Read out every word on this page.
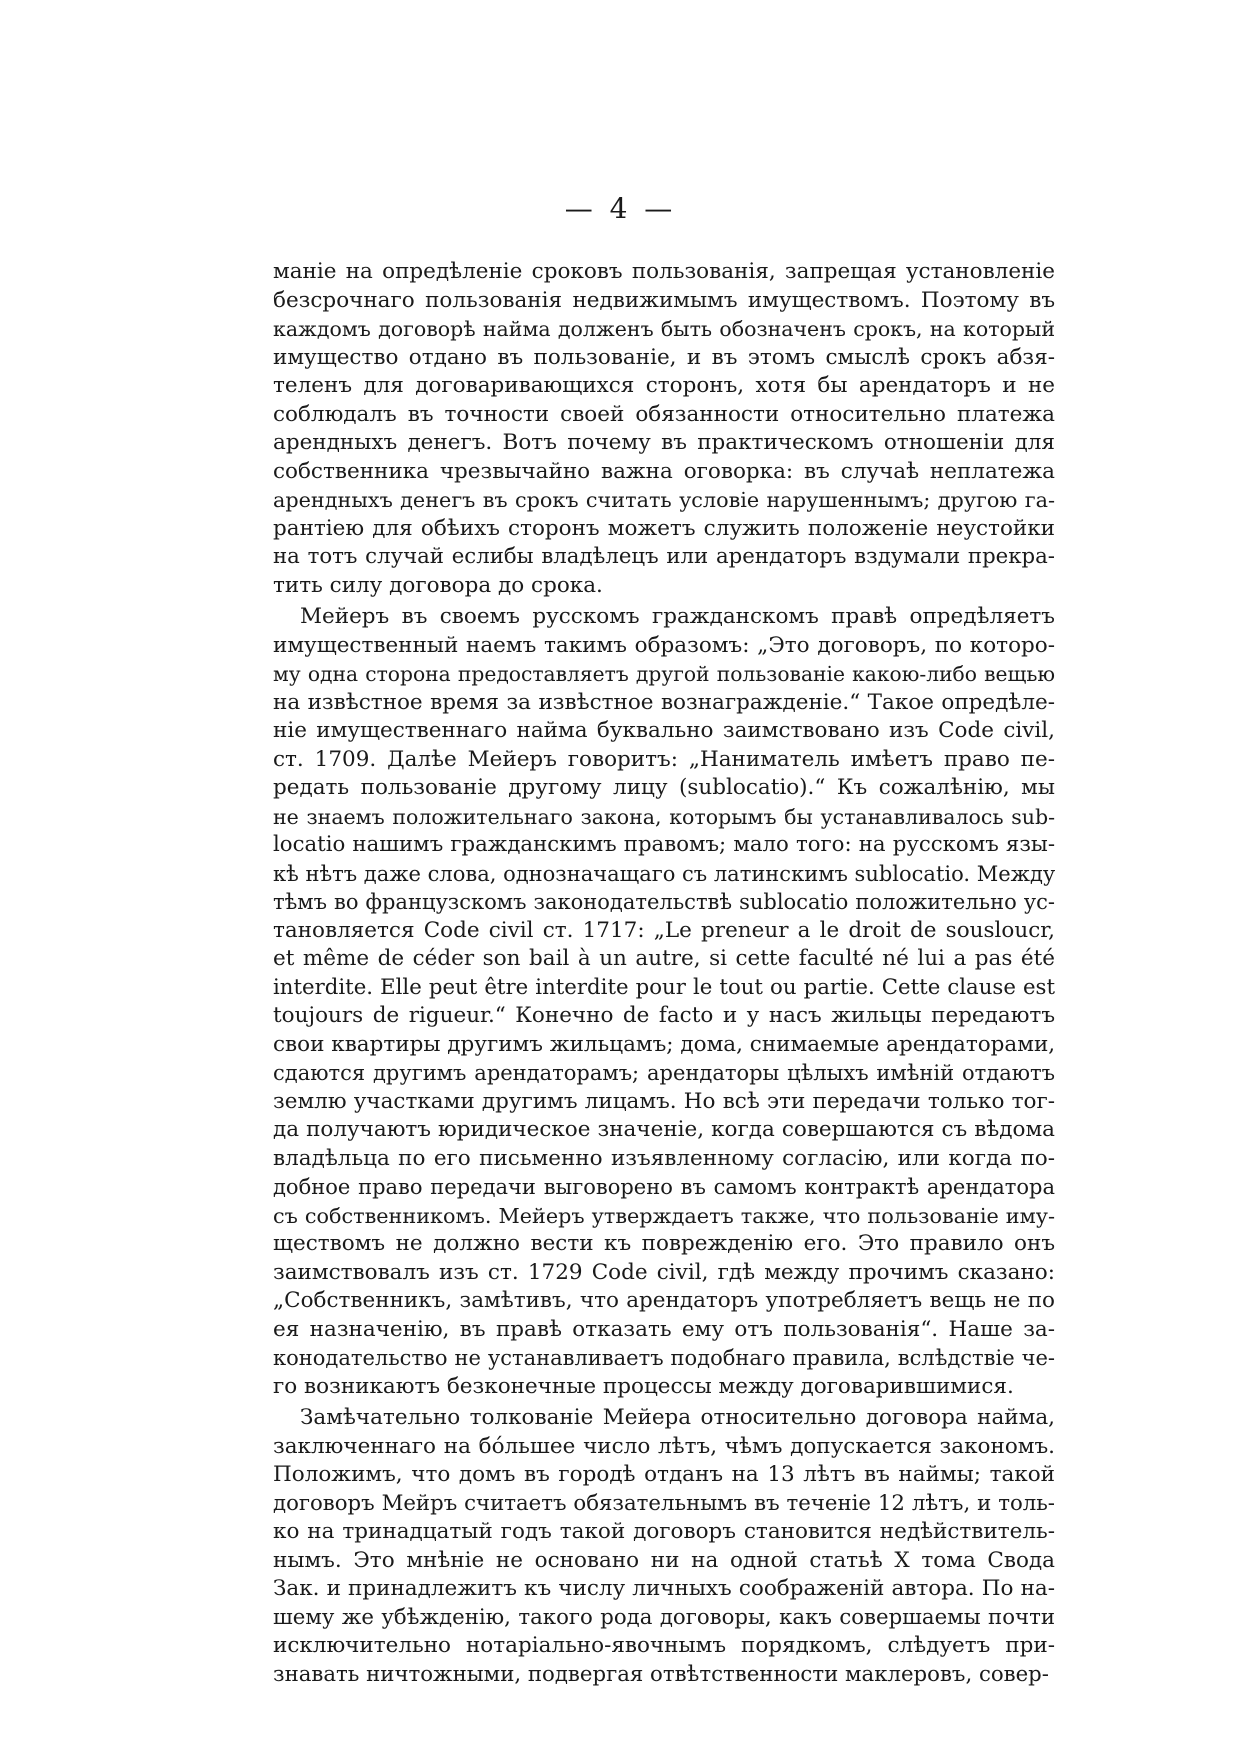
— 4 —
маніе на опредѣленіе сроковъ пользованія, запрещая установленіе
безсрочнаго пользованія недвижимымъ имуществомъ. Поэтому въ
каждомъ договорѣ найма долженъ быть обозначенъ срокъ, на который
имущество отдано въ пользованіе, и въ этомъ смыслѣ срокъ абзя-
теленъ для договаривающихся сторонъ, хотя бы арендаторъ и не
соблюдалъ въ точности своей обязанности относительно платежа
арендныхъ денегъ. Вотъ почему въ практическомъ отношеніи для
собственника чрезвычайно важна оговорка: въ случаѣ неплатежа
арендныхъ денегъ въ срокъ считать условіе нарушеннымъ; другою га-
рантіею для обѣихъ сторонъ можетъ служить положеніе неустойки
на тотъ случай еслибы владѣлецъ или арендаторъ вздумали прекра-
тить силу договора до срока.
Мейеръ въ своемъ русскомъ гражданскомъ правѣ опредѣляетъ
имущественный наемъ такимъ образомъ: „Это договоръ, по которо-
му одна сторона предоставляетъ другой пользованіе какою-либо вещью
на извѣстное время за извѣстное вознагражденіе.“ Такое опредѣле-
ніе имущественнаго найма буквально заимствовано изъ Code civil,
ст. 1709. Далѣе Мейеръ говоритъ: „Наниматель имѣетъ право пе-
редать пользованіе другому лицу (sublocatio).“ Къ сожалѣнію, мы
не знаемъ положительнаго закона, которымъ бы устанавливалось sub-
locatio нашимъ гражданскимъ правомъ; мало того: на русскомъ язы-
кѣ нѣтъ даже слова, однозначащаго съ латинскимъ sublocatio. Между
тѣмъ во французскомъ законодательствѣ sublocatio положительно ус-
тановляется Code civil ст. 1717: „Le preneur a le droit de sousloucr,
et même de céder son bail à un autre, si cette faculté né lui a pas été
interdite. Elle peut être interdite pour le tout ou partie. Cette clause est
toujours de rigueur.“ Конечно de facto и у насъ жильцы передаютъ
свои квартиры другимъ жильцамъ; дома, снимаемые арендаторами,
сдаются другимъ арендаторамъ; арендаторы цѣлыхъ имѣній отдаютъ
землю участками другимъ лицамъ. Но всѣ эти передачи только тог-
да получаютъ юридическое значеніе, когда совершаются съ вѣдома
владѣльца по его письменно изъявленному согласію, или когда по-
добное право передачи выговорено въ самомъ контрактѣ арендатора
съ собственникомъ. Мейеръ утверждаетъ также, что пользованіе иму-
ществомъ не должно вести къ поврежденію его. Это правило онъ
заимствовалъ изъ ст. 1729 Code civil, гдѣ между прочимъ сказано:
„Собственникъ, замѣтивъ, что арендаторъ употребляетъ вещь не по
ея назначенію, въ правѣ отказать ему отъ пользованія“. Наше за-
конодательство не устанавливаетъ подобнаго правила, вслѣдствіе че-
го возникаютъ безконечные процессы между договарившимися.
Замѣчательно толкованіе Мейера относительно договора найма,
заключеннаго на бóльшее число лѣтъ, чѣмъ допускается закономъ.
Положимъ, что домъ въ городѣ отданъ на 13 лѣтъ въ наймы; такой
договоръ Мейръ считаетъ обязательнымъ въ теченіе 12 лѣтъ, и толь-
ко на тринадцатый годъ такой договоръ становится недѣйствитель-
нымъ. Это мнѣніе не основано ни на одной статьѣ X тома Свода
Зак. и принадлежитъ къ числу личныхъ соображеній автора. По на-
шему же убѣжденію, такого рода договоры, какъ совершаемы почти
исключительно нотаріально-явочнымъ порядкомъ, слѣдуетъ при-
знавать ничтожными, подвергая отвѣтственности маклеровъ, совер-
